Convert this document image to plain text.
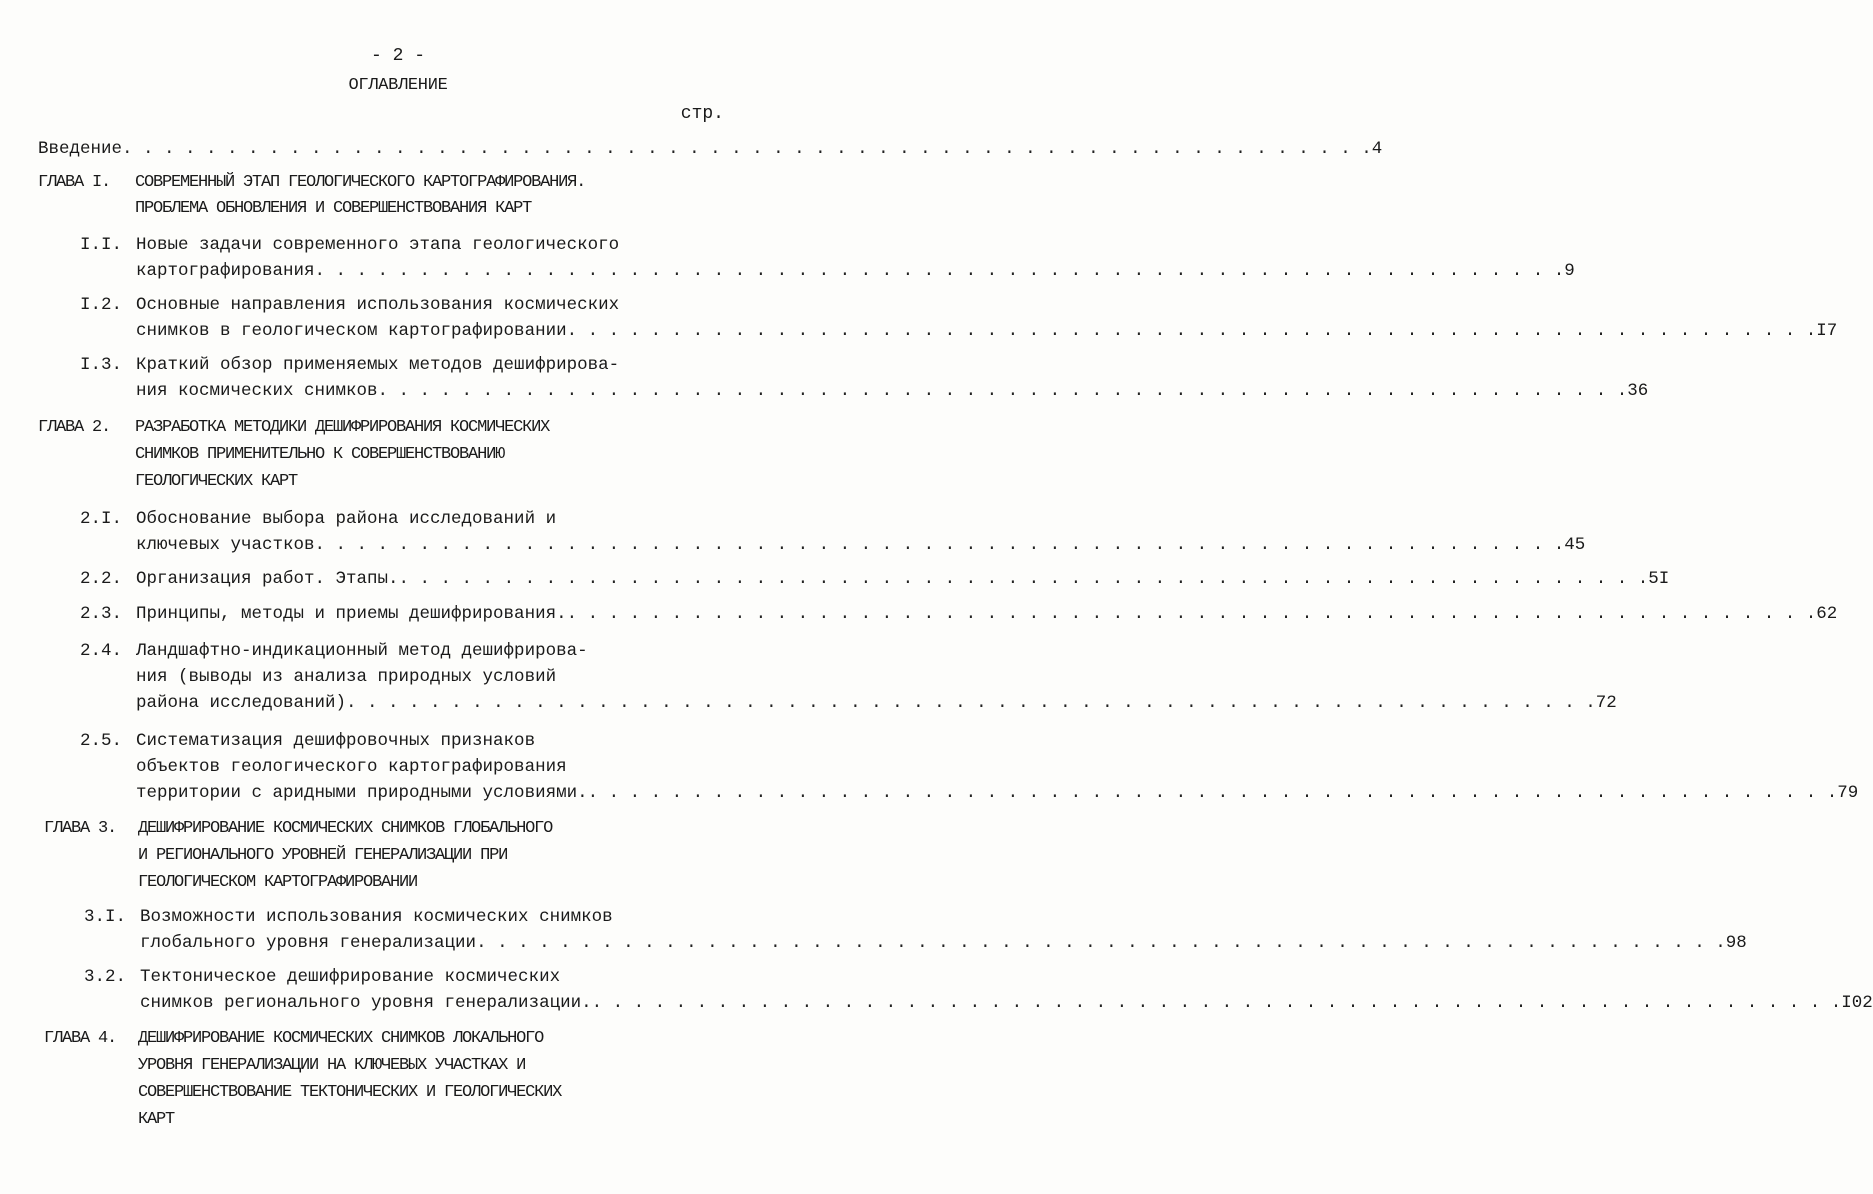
- 2 -
ОГЛАВЛЕНИЕ
стр.
Введение . . . . . . . . . . . . . . . . . . . . . . . . . . . . . . . . . . . . . . . . . . . . . . . . . . . . . . . . . . . . 4
ГЛАВА I.	СОВРЕМЕННЫЙ ЭТАП ГЕОЛОГИЧЕСКОГО КАРТОГРАФИРОВАНИЯ.
ПРОБЛЕМА ОБНОВЛЕНИЯ И СОВЕРШЕНСТВОВАНИЯ КАРТ
I.I. Новые задачи современного этапа геологического
картографирования . . . . . . . . . . . . . . . . . . . . . . . . . . . . . . . . . . . . . . . . . . . . . . . . . . . . . . . . . . . . 9
I.2. Основные направления использования космических
снимков в геологическом картографировании . . . . . . . . . . . . . . . . . . . . . . . . . . . . . . . . . . . . . . . . . . . . . . . . . . . . . . . . . . . . I7
I.3. Краткий обзор применяемых методов дешифрирова-
ния космических снимков . . . . . . . . . . . . . . . . . . . . . . . . . . . . . . . . . . . . . . . . . . . . . . . . . . . . . . . . . . . . 36
ГЛАВА 2.	РАЗРАБОТКА МЕТОДИКИ ДЕШИФРИРОВАНИЯ КОСМИЧЕСКИХ
СНИМКОВ ПРИМЕНИТЕЛЬНО К СОВЕРШЕНСТВОВАНИЮ
ГЕОЛОГИЧЕСКИХ КАРТ
2.I. Обоснование выбора района исследований и
ключевых участков . . . . . . . . . . . . . . . . . . . . . . . . . . . . . . . . . . . . . . . . . . . . . . . . . . . . . . . . . . . . 45
2.2. Организация работ. Этапы. . . . . . . . . . . . . . . . . . . . . . . . . . . . . . . . . . . . . . . . . . . . . . . . . . . . . . . . . . . . . 5I
2.3. Принципы, методы и приемы дешифрирования. . . . . . . . . . . . . . . . . . . . . . . . . . . . . . . . . . . . . . . . . . . . . . . . . . . . . . . . . . . . . 62
2.4. Ландшафтно-индикационный метод дешифрирова-
ния (выводы из анализа природных условий
района исследований) . . . . . . . . . . . . . . . . . . . . . . . . . . . . . . . . . . . . . . . . . . . . . . . . . . . . . . . . . . . . 72
2.5. Систематизация дешифровочных признаков
объектов геологического картографирования
территории с аридными природными условиями. . . . . . . . . . . . . . . . . . . . . . . . . . . . . . . . . . . . . . . . . . . . . . . . . . . . . . . . . . . . . 79
ГЛАВА 3.	ДЕШИФРИРОВАНИЕ КОСМИЧЕСКИХ СНИМКОВ ГЛОБАЛЬНОГО
И РЕГИОНАЛЬНОГО УРОВНЕЙ ГЕНЕРАЛИЗАЦИИ ПРИ
ГЕОЛОГИЧЕСКОМ КАРТОГРАФИРОВАНИИ
3.I. Возможности использования космических снимков
глобального уровня генерализации . . . . . . . . . . . . . . . . . . . . . . . . . . . . . . . . . . . . . . . . . . . . . . . . . . . . . . . . . . . . 98
3.2. Тектоническое дешифрирование космических
снимков регионального уровня генерализации. . . . . . . . . . . . . . . . . . . . . . . . . . . . . . . . . . . . . . . . . . . . . . . . . . . . . . . . . . . . . I02
ГЛАВА 4.	ДЕШИФРИРОВАНИЕ КОСМИЧЕСКИХ СНИМКОВ ЛОКАЛЬНОГО
УРОВНЯ ГЕНЕРАЛИЗАЦИИ НА КЛЮЧЕВЫХ УЧАСТКАХ И
СОВЕРШЕНСТВОВАНИЕ ТЕКТОНИЧЕСКИХ И ГЕОЛОГИЧЕСКИХ
КАРТ
